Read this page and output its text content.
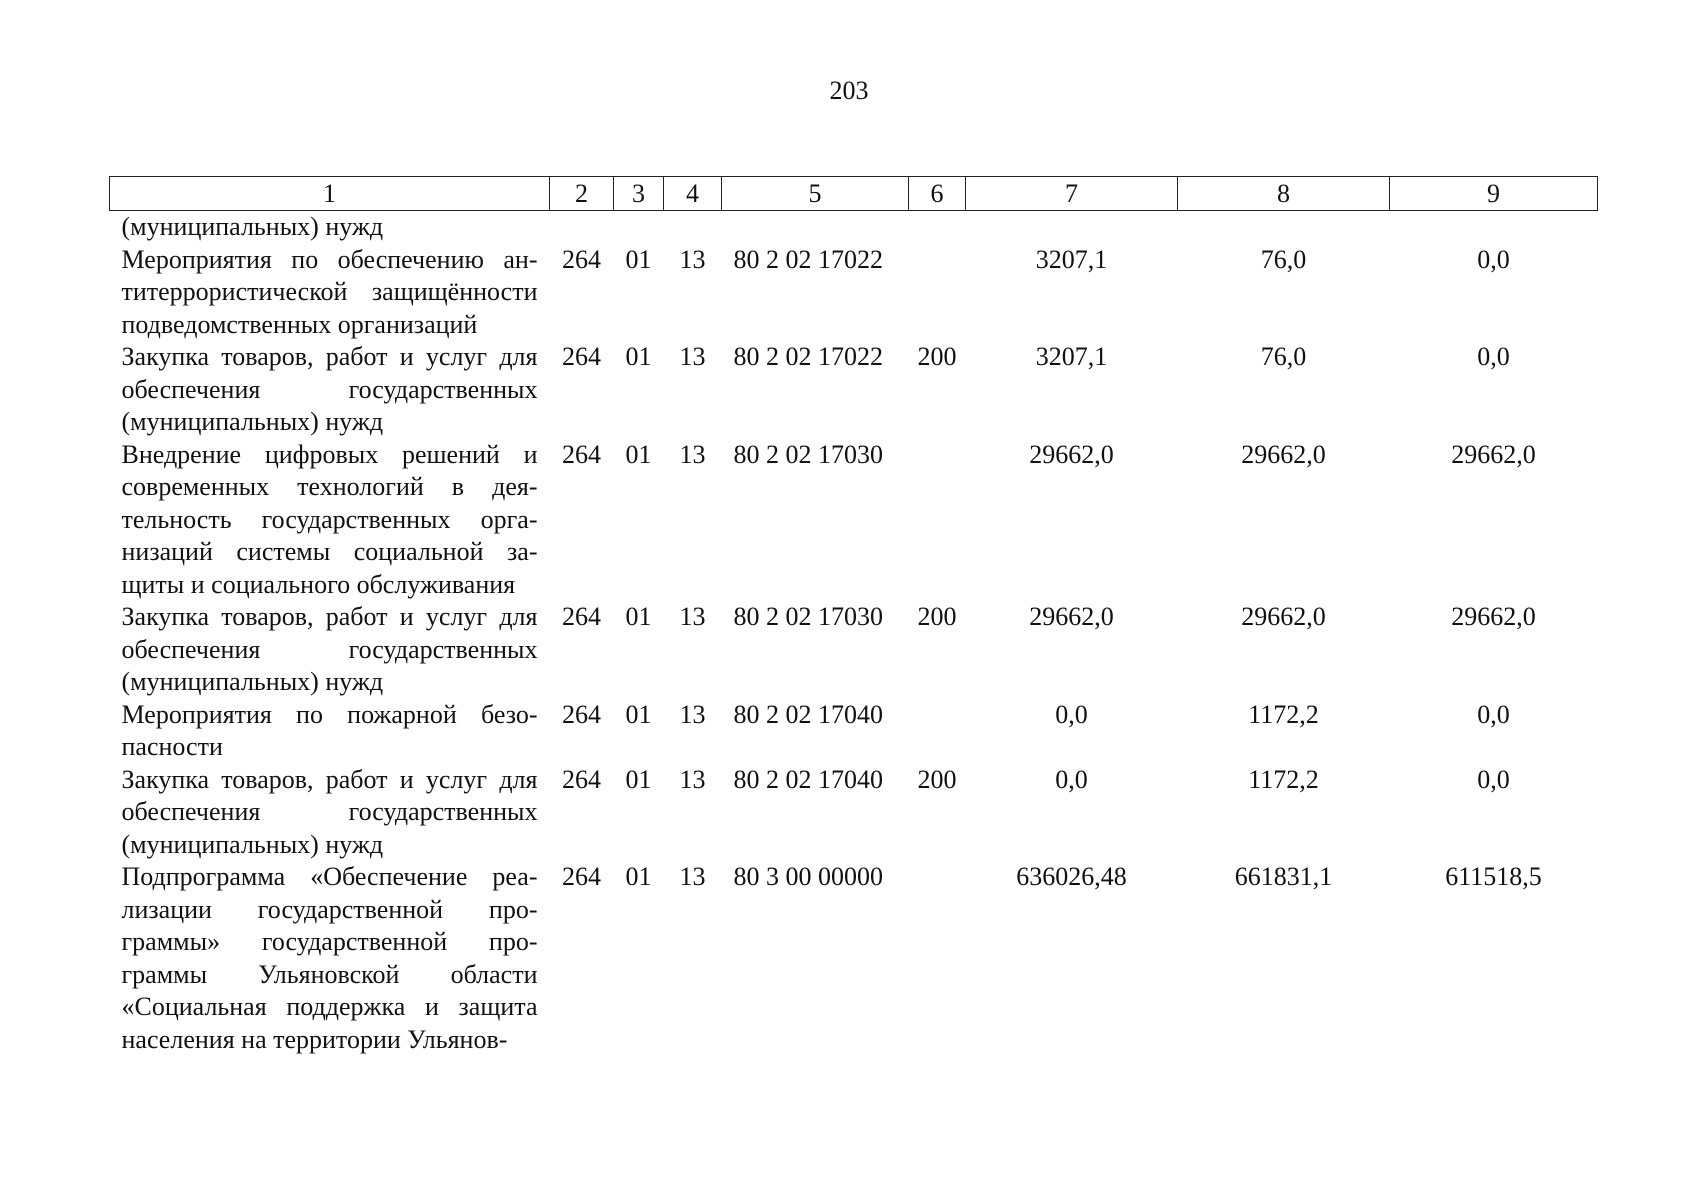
203
1	2	3	4	5	6	7	8	9
(муниципальных) нужд								
Мероприятия по обеспечению антитеррористической защищённости подведомственных организаций	264	01	13	80 2 02 17022		3207,1	76,0	0,0
Закупка товаров, работ и услуг для обеспечения государственных (муниципальных) нужд	264	01	13	80 2 02 17022	200	3207,1	76,0	0,0
Внедрение цифровых решений и современных технологий в деятельность государственных организаций системы социальной защиты и социального обслуживания	264	01	13	80 2 02 17030		29662,0	29662,0	29662,0
Закупка товаров, работ и услуг для обеспечения государственных (муниципальных) нужд	264	01	13	80 2 02 17030	200	29662,0	29662,0	29662,0
Мероприятия по пожарной безопасности	264	01	13	80 2 02 17040		0,0	1172,2	0,0
Закупка товаров, работ и услуг для обеспечения государственных (муниципальных) нужд	264	01	13	80 2 02 17040	200	0,0	1172,2	0,0
Подпрограмма «Обеспечение реализации государственной программы» государственной программы Ульяновской области «Социальная поддержка и защита населения на территории Ульянов-	264	01	13	80 3 00 00000		636026,48	661831,1	611518,5
